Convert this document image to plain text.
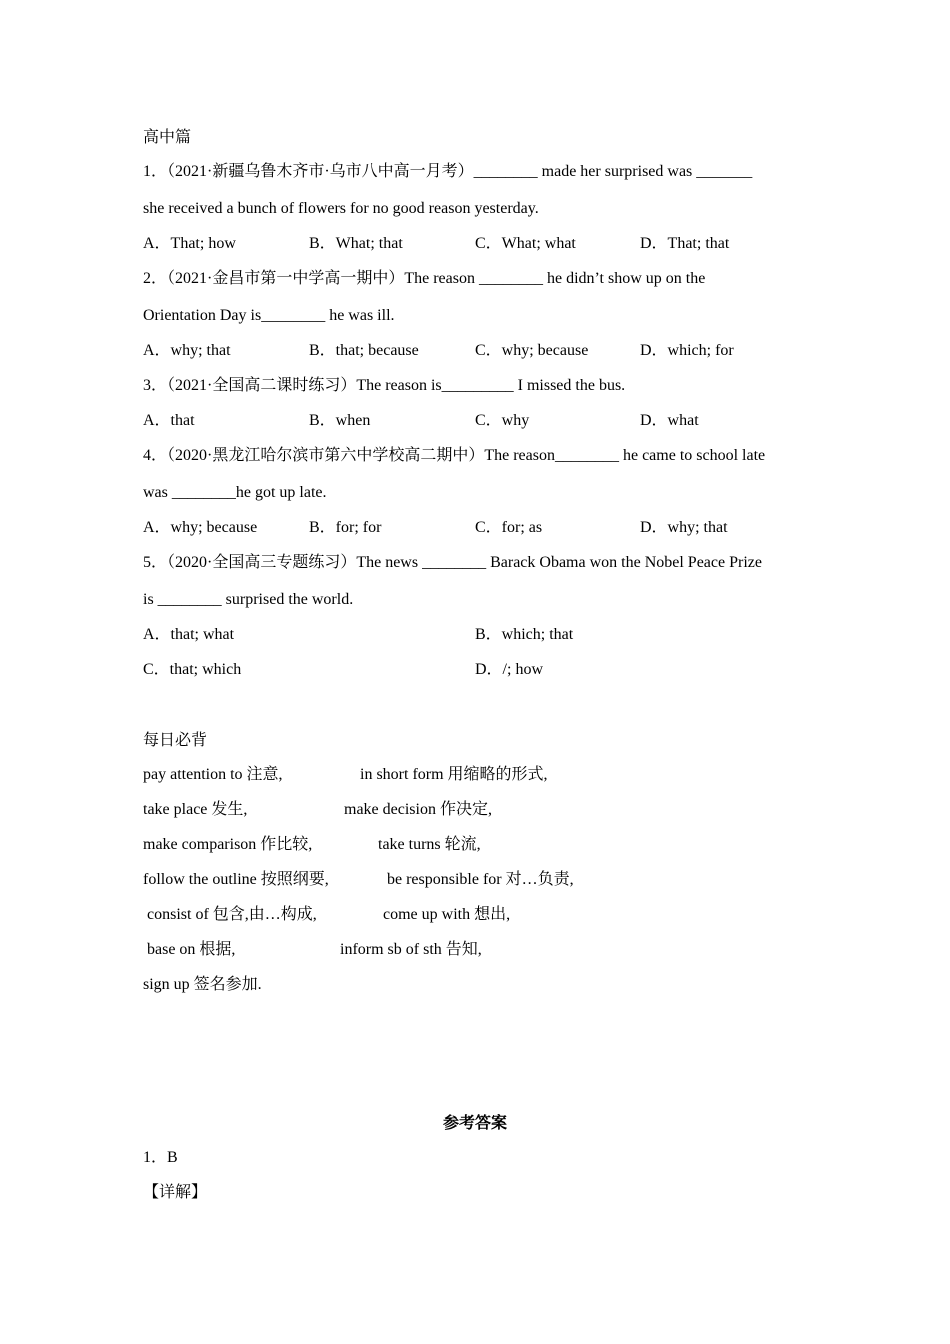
高中篇
1．（2021·新疆乌鲁木齐市·乌市八中高一月考）________ made her surprised was _______
she received a bunch of flowers for no good reason yesterday.
A．That; how	B．What; that	C．What; what	D．That; that
2．（2021·金昌市第一中学高一期中）The reason ________ he didn’t show up on the
Orientation Day is________ he was ill.
A．why; that	B．that; because	C．why; because	D．which; for
3．（2021·全国高二课时练习）The reason is_________ I missed the bus.
A．that	B．when	C．why	D．what
4．（2020·黑龙江哈尔滨市第六中学校高二期中）The reason________ he came to school late
was ________he got up late.
A．why; because	B．for; for	C．for; as	D．why; that
5．（2020·全国高三专题练习）The news ________ Barack Obama won the Nobel Peace Prize
is ________ surprised the world.
A．that; what	B．which; that
C．that; which	D．/; how
每日必背
pay attention to 注意,	in short form 用缩略的形式,
take place 发生,	make decision 作决定,
make comparison 作比较,	take turns 轮流,
follow the outline 按照纲要,	be responsible for 对…负责,
consist of 包含,由…构成,	come up with 想出,
base on 根据,	inform sb of sth 告知,
sign up 签名参加.
参考答案
1．B
【详解】
